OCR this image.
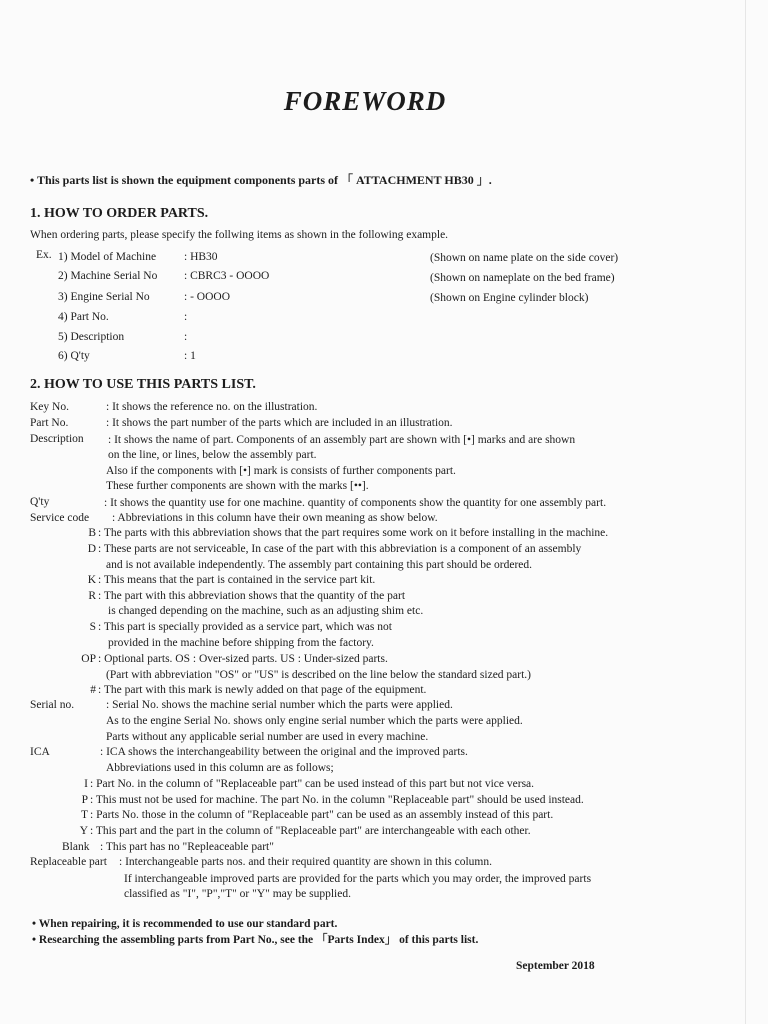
FOREWORD
• This parts list is shown the equipment components parts of 「 ATTACHMENT HB30 」.
1. HOW TO ORDER PARTS.
When ordering parts, please specify the follwing items as shown in the following example.
Ex. 1) Model of Machine : HB30	(Shown on name plate on the side cover)
2) Machine Serial No : CBRC3 - OOOO	(Shown on nameplate on the bed frame)
3) Engine Serial No	: - OOOO	(Shown on Engine cylinder block)
4) Part No.	:
5) Description	:
6) Q'ty	: 1
2. HOW TO USE THIS PARTS LIST.
Key No.	: It shows the reference no. on the illustration.
Part No.	: It shows the part number of the parts which are included in an illustration.
Description : It shows the name of part. Components of an assembly part are shown with [•] marks and are shown
on the line, or lines, below the assembly part.
Also if the components with [•] mark is consists of further components part.
These further components are shown with the marks [••].
Q'ty	: It shows the quantity use for one machine. quantity of components show the quantity for one assembly part.
Service code : Abbreviations in this column have their own meaning as show below.
B : The parts with this abbreviation shows that the part requires some work on it before installing in the machine.
D : These parts are not serviceable, In case of the part with this abbreviation is a component of an assembly
and is not available independently. The assembly part containing this part should be ordered.
K : This means that the part is contained in the service part kit.
R : The part with this abbreviation shows that the quantity of the part
is changed depending on the machine, such as an adjusting shim etc.
S : This part is specially provided as a service part, which was not
provided in the machine before shipping from the factory.
OP : Optional parts. OS : Over-sized parts. US : Under-sized parts.
(Part with abbreviation "OS" or "US" is described on the line below the standard sized part.)
# : The part with this mark is newly added on that page of the equipment.
Serial no.	: Serial No. shows the machine serial number which the parts were applied.
As to the engine Serial No. shows only engine serial number which the parts were applied.
Parts without any applicable serial number are used in every machine.
ICA	: ICA shows the interchangeability between the original and the improved parts.
Abbreviations used in this column are as follows;
I : Part No. in the column of "Replaceable part" can be used instead of this part but not vice versa.
P : This must not be used for machine. The part No. in the column "Replaceable part" should be used instead.
T : Parts No. those in the column of "Replaceable part" can be used as an assembly instead of this part.
Y : This part and the part in the column of "Replaceable part" are interchangeable with each other.
Blank : This part has no "Repleaceable part"
Replaceable part : Interchangeable parts nos. and their required quantity are shown in this column.
If interchangeable improved parts are provided for the parts which you may order, the improved parts
classified as "I", "P","T" or "Y" may be supplied.
• When repairing, it is recommended to use our standard part.
• Researching the assembling parts from Part No., see the 「Parts Index」 of this parts list.
September 2018
